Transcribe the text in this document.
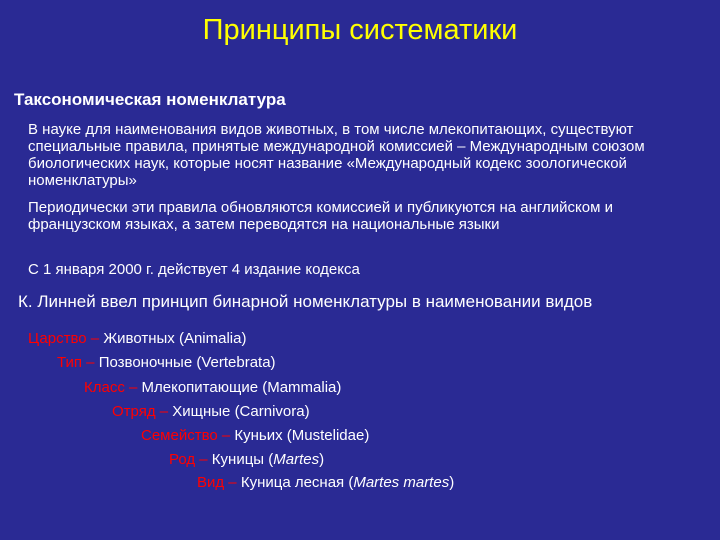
Принципы систематики
Таксономическая номенклатура
В науке для наименования видов животных, в том числе млекопитающих, существуют специальные правила, принятые международной комиссией – Международным союзом биологических наук, которые носят название «Международный кодекс зоологической номенклатуры»
Периодически эти правила обновляются комиссией и публикуются на английском и французском языках, а затем переводятся на национальные языки
С 1 января 2000 г. действует 4 издание кодекса
К. Линней ввел принцип бинарной номенклатуры в наименовании видов
Царство – Животных (Animalia)
Тип – Позвоночные (Vertebrata)
Класс – Млекопитающие (Mammalia)
Отряд – Хищные (Carnivora)
Семейство – Куньих (Mustelidae)
Род – Куницы (Martes)
Вид – Куница лесная (Martes martes)
